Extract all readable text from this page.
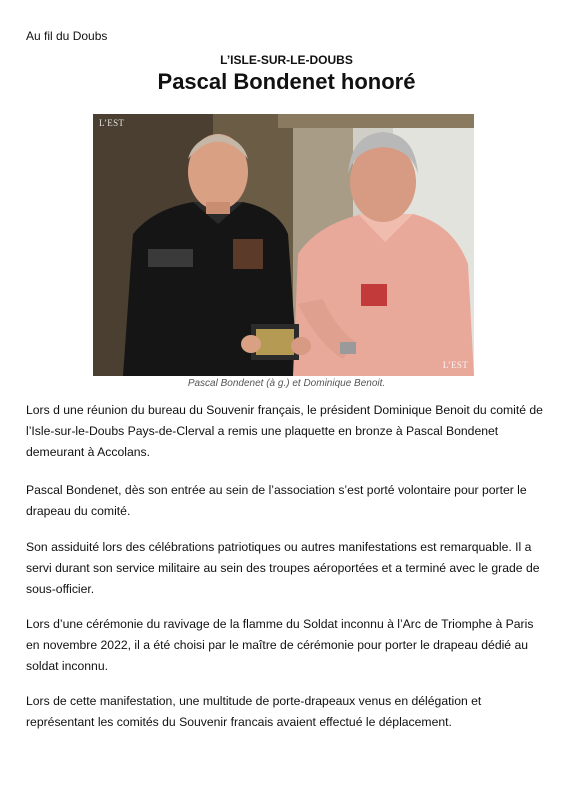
Au fil du Doubs
L’ISLE-SUR-LE-DOUBS
Pascal Bondenet honoré
L’EST
L’EST
Pascal Bondenet (à g.) et Dominique Benoit.

Lors d une réunion du bureau du Souvenir français, le président Dominique Benoit du comité de l’Isle-sur-le-Doubs Pays-de-Clerval a remis une plaquette en bronze à Pascal Bondenet demeurant à Accolans.

Pascal Bondenet, dès son entrée au sein de l’association s’est porté volontaire pour porter le drapeau du comité.

Son assiduité lors des célébrations patriotiques ou autres manifestations est remarquable. Il a servi durant son service militaire au sein des troupes aéroportées et a terminé avec le grade de sous-officier.

Lors d’une cérémonie du ravivage de la flamme du Soldat inconnu à l’Arc de Triomphe à Paris en novembre 2022, il a été choisi par le maître de cérémonie pour porter le drapeau dédié au soldat inconnu.

Lors de cette manifestation, une multitude de porte-drapeaux venus en délégation et représentant les comités du Souvenir francais avaient effectué le déplacement.
